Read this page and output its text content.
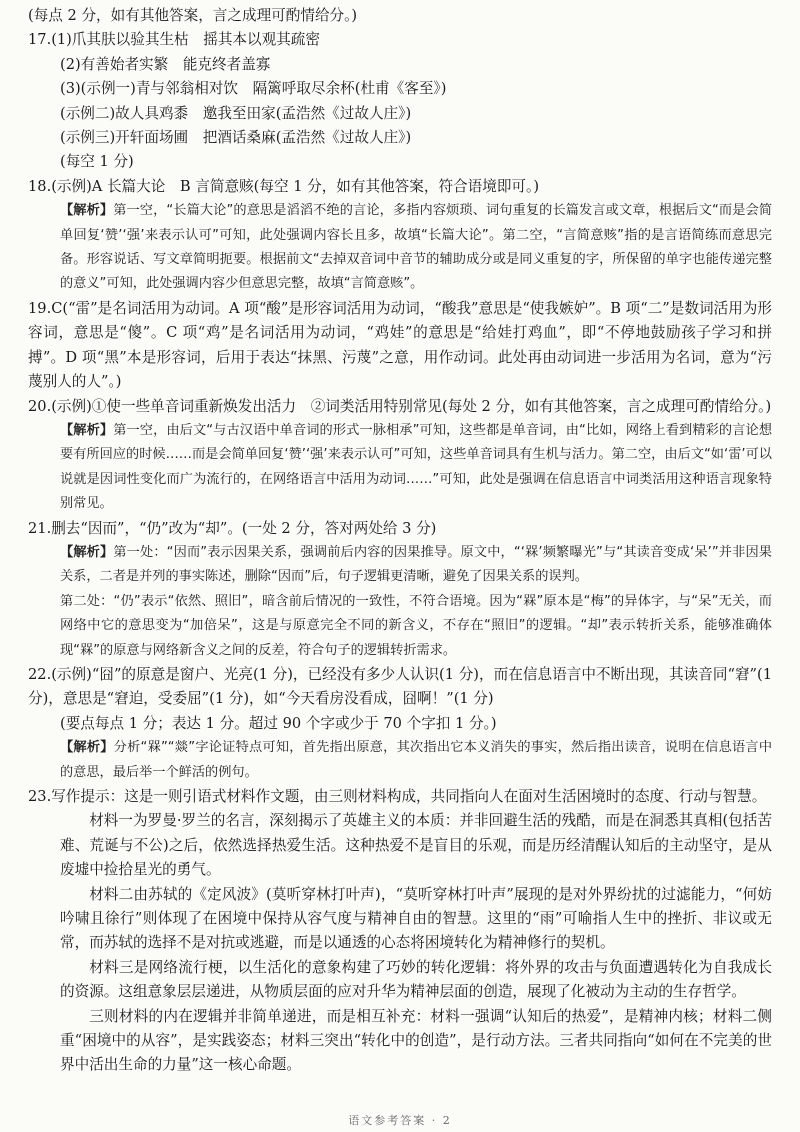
(每点 2 分，如有其他答案，言之成理可酌情给分。)

17.(1)爪其肤以验其生枯　摇其本以观其疏密

(2)有善始者实繁　能克终者盖寡

(3)(示例一)青与邻翁相对饮　隔篱呼取尽余杯(杜甫《客至》)

(示例二)故人具鸡黍　邀我至田家(孟浩然《过故人庄》)

(示例三)开轩面场圃　把酒话桑麻(孟浩然《过故人庄》)

(每空 1 分)

18.(示例)A 长篇大论　B 言简意赅(每空 1 分，如有其他答案，符合语境即可。)

【解析】第一空，“长篇大论”的意思是滔滔不绝的言论，多指内容烦琐、词句重复的长篇发言或文章，根据后文“而是会简单回复‘赞’‘强’来表示认可”可知，此处强调内容长且多，故填“长篇大论”。第二空，“言简意赅”指的是言语简练而意思完备。形容说话、写文章简明扼要。根据前文“去掉双音词中音节的辅助成分或是同义重复的字，所保留的单字也能传递完整的意义”可知，此处强调内容少但意思完整，故填“言简意赅”。

19.C(“雷”是名词活用为动词。A 项“酸”是形容词活用为动词，“酸我”意思是“使我嫉妒”。B 项“二”是数词活用为形容词，意思是“傻”。C 项“鸡”是名词活用为动词，“鸡娃”的意思是“给娃打鸡血”，即“不停地鼓励孩子学习和拼搏”。D 项“黑”本是形容词，后用于表达“抹黑、污蔑”之意，用作动词。此处再由动词进一步活用为名词，意为“污蔑别人的人”。)

20.(示例)①使一些单音词重新焕发出活力　②词类活用特别常见(每处 2 分，如有其他答案，言之成理可酌情给分。)

【解析】第一空，由后文“与古汉语中单音词的形式一脉相承”可知，这些都是单音词，由“比如，网络上看到精彩的言论想要有所回应的时候……而是会简单回复‘赞’‘强’来表示认可”可知，这些单音词具有生机与活力。第二空，由后文“如‘雷’可以说就是因词性变化而广为流行的，在网络语言中活用为动词……”可知，此处是强调在信息语言中词类活用这种语言现象特别常见。

21.删去“因而”，“仍”改为“却”。(一处 2 分，答对两处给 3 分)

【解析】第一处：“因而”表示因果关系，强调前后内容的因果推导。原文中，“‘槑’频繁曝光”与“其读音变成‘呆’”并非因果关系，二者是并列的事实陈述，删除“因而”后，句子逻辑更清晰，避免了因果关系的误判。

第二处：“仍”表示“依然、照旧”，暗含前后情况的一致性，不符合语境。因为“槑”原本是“梅”的异体字，与“呆”无关，而网络中它的意思变为“加倍呆”，这是与原意完全不同的新含义，不存在“照旧”的逻辑。“却”表示转折关系，能够准确体现“槑”的原意与网络新含义之间的反差，符合句子的逻辑转折需求。

22.(示例)“囧”的原意是窗户、光亮(1 分)，已经没有多少人认识(1 分)，而在信息语言中不断出现，其读音同“窘”(1 分)，意思是“窘迫，受委屈”(1 分)，如“今天看房没看成，囧啊！”(1 分)

(要点每点 1 分；表达 1 分。超过 90 个字或少于 70 个字扣 1 分。)

【解析】分析“槑”“燚”字论证特点可知，首先指出原意，其次指出它本义消失的事实，然后指出读音，说明在信息语言中的意思，最后举一个鲜活的例句。

23.写作提示：这是一则引语式材料作文题，由三则材料构成，共同指向人在面对生活困境时的态度、行动与智慧。

材料一为罗曼·罗兰的名言，深刻揭示了英雄主义的本质：并非回避生活的残酷，而是在洞悉其真相(包括苦难、荒诞与不公)之后，依然选择热爱生活。这种热爱不是盲目的乐观，而是历经清醒认知后的主动坚守，是从废墟中捡拾星光的勇气。

材料二由苏轼的《定风波》(莫听穿林打叶声)，“莫听穿林打叶声”展现的是对外界纷扰的过滤能力，“何妨吟啸且徐行”则体现了在困境中保持从容气度与精神自由的智慧。这里的“雨”可喻指人生中的挫折、非议或无常，而苏轼的选择不是对抗或逃避，而是以通透的心态将困境转化为精神修行的契机。

材料三是网络流行梗，以生活化的意象构建了巧妙的转化逻辑：将外界的攻击与负面遭遇转化为自我成长的资源。这组意象层层递进，从物质层面的应对升华为精神层面的创造，展现了化被动为主动的生存哲学。

三则材料的内在逻辑并非简单递进，而是相互补充：材料一强调“认知后的热爱”，是精神内核；材料二侧重“困境中的从容”，是实践姿态；材料三突出“转化中的创造”，是行动方法。三者共同指向“如何在不完美的世界中活出生命的力量”这一核心命题。

语文参考答案 · 2
